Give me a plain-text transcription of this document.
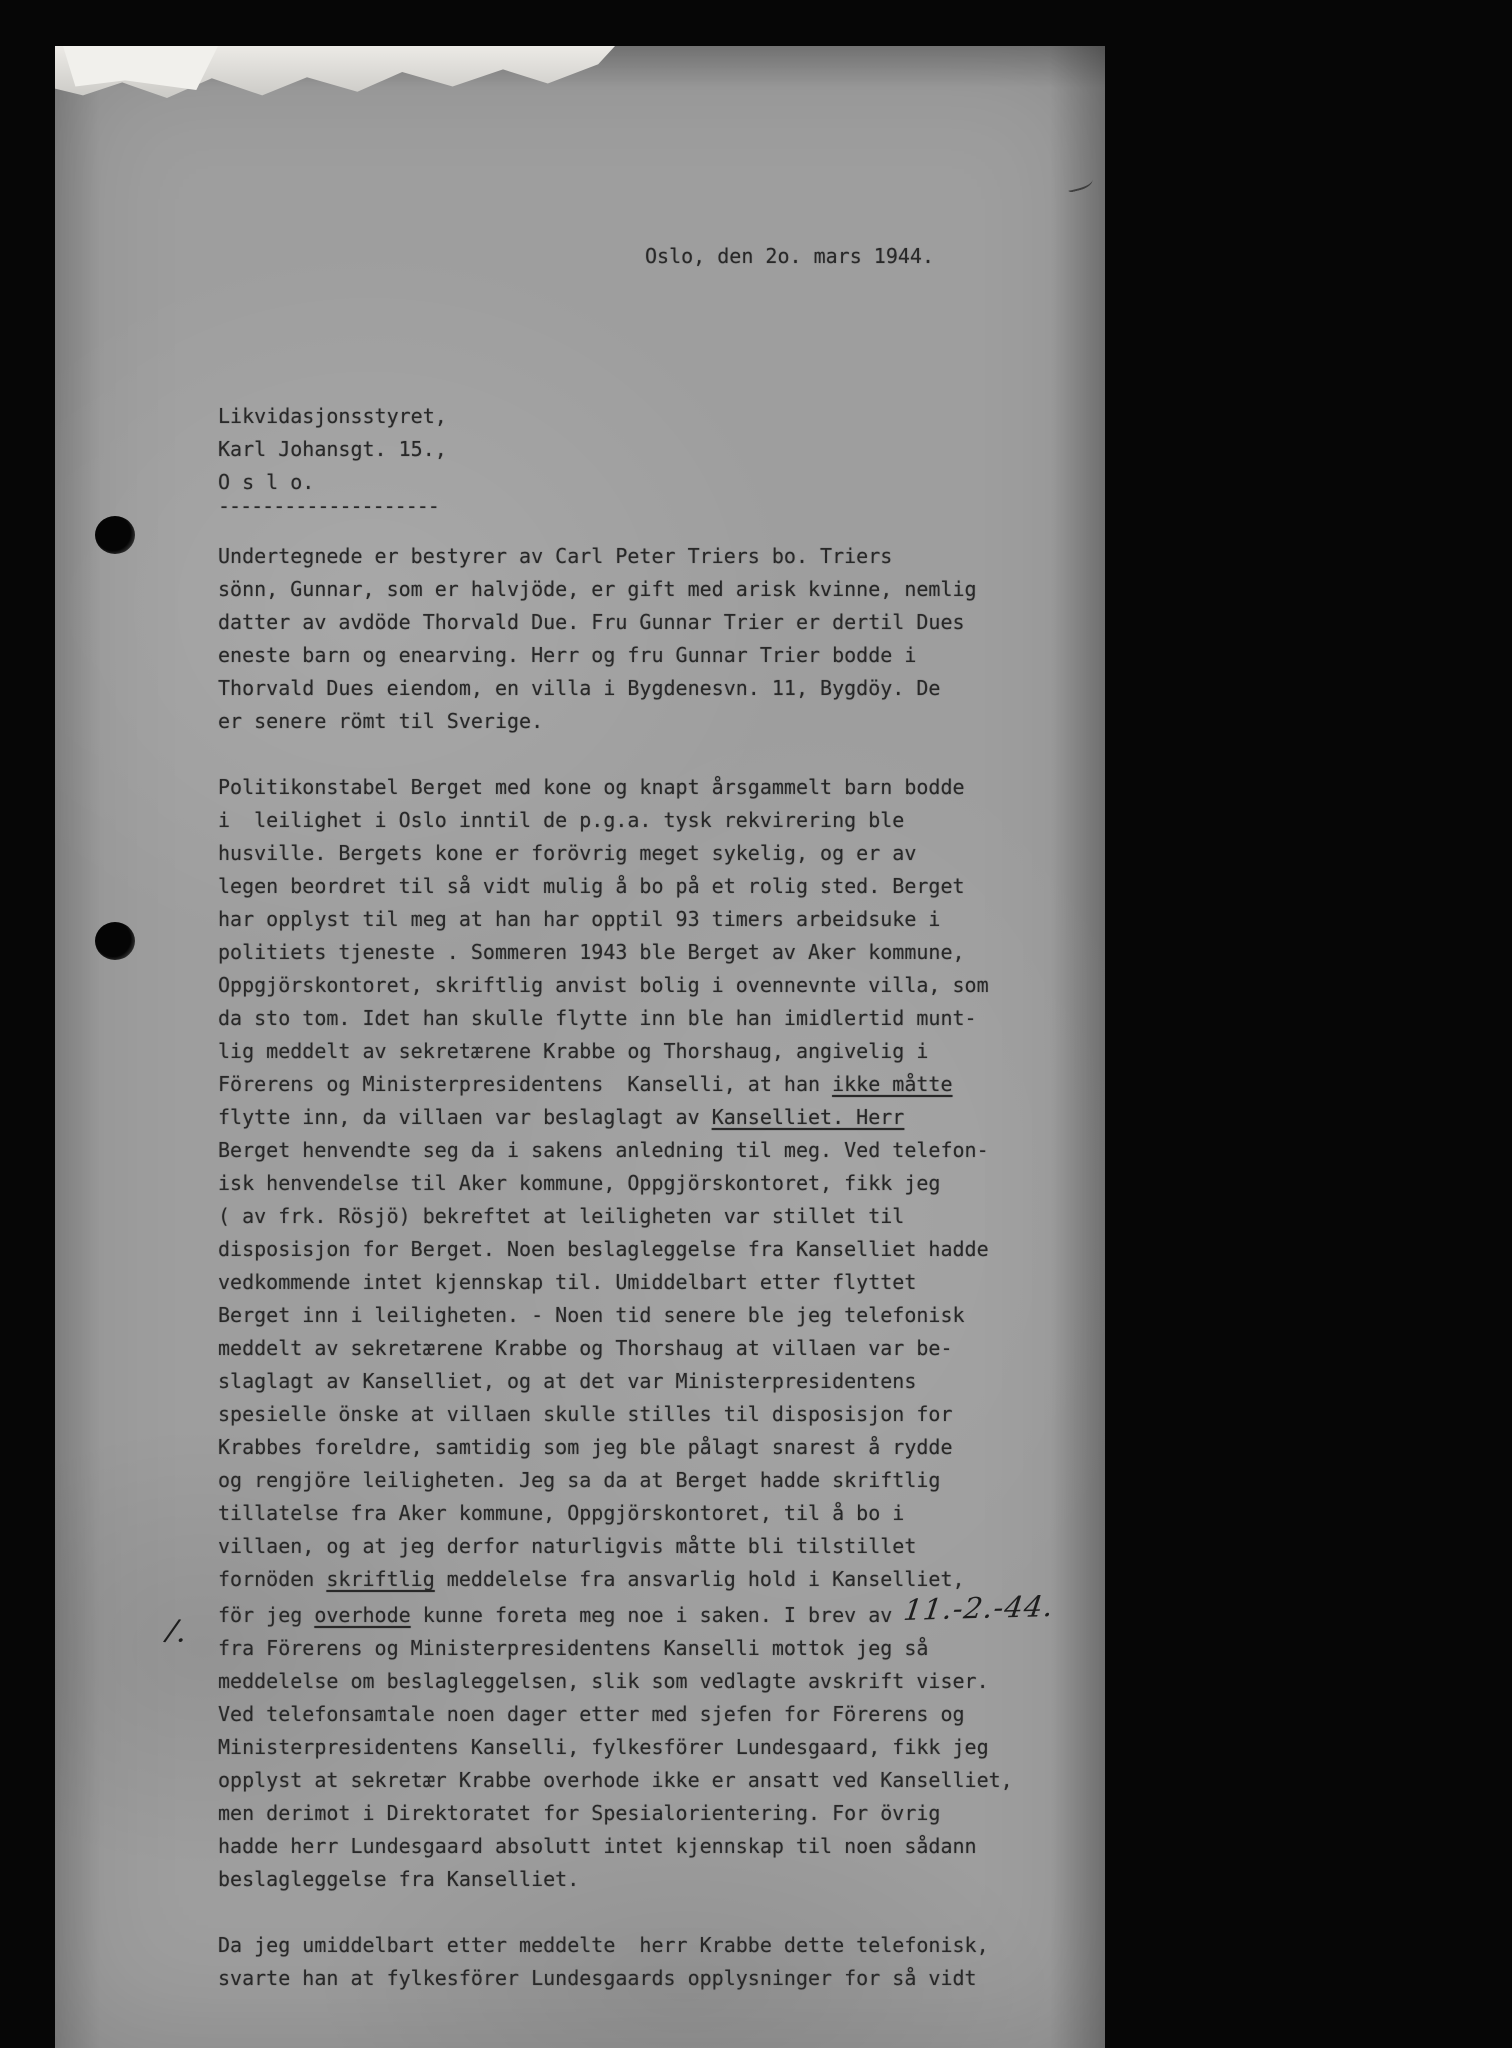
Oslo, den 2o. mars 1944.
Likvidasjonsstyret,
Karl Johansgt. 15.,
O s l o.
--------------------
Undertegnede er bestyrer av Carl Peter Triers bo. Triers
sönn, Gunnar, som er halvjöde, er gift med arisk kvinne, nemlig
datter av avdöde Thorvald Due. Fru Gunnar Trier er dertil Dues
eneste barn og enearving. Herr og fru Gunnar Trier bodde i
Thorvald Dues eiendom, en villa i Bygdenesvn. 11, Bygdöy. De
er senere römt til Sverige.
Politikonstabel Berget med kone og knapt årsgammelt barn bodde
i  leilighet i Oslo inntil de p.g.a. tysk rekvirering ble
husville. Bergets kone er forövrig meget sykelig, og er av
legen beordret til så vidt mulig å bo på et rolig sted. Berget
har opplyst til meg at han har opptil 93 timers arbeidsuke i
politiets tjeneste . Sommeren 1943 ble Berget av Aker kommune,
Oppgjörskontoret, skriftlig anvist bolig i ovennevnte villa, som
da sto tom. Idet han skulle flytte inn ble han imidlertid munt-
lig meddelt av sekretærene Krabbe og Thorshaug, angivelig i
Förerens og Ministerpresidentens  Kanselli, at han ikke måtte
flytte inn, da villaen var beslaglagt av Kanselliet. Herr
Berget henvendte seg da i sakens anledning til meg. Ved telefon-
isk henvendelse til Aker kommune, Oppgjörskontoret, fikk jeg
( av frk. Rösjö) bekreftet at leiligheten var stillet til
disposisjon for Berget. Noen beslagleggelse fra Kanselliet hadde
vedkommende intet kjennskap til. Umiddelbart etter flyttet
Berget inn i leiligheten. - Noen tid senere ble jeg telefonisk
meddelt av sekretærene Krabbe og Thorshaug at villaen var be-
slaglagt av Kanselliet, og at det var Ministerpresidentens
spesielle önske at villaen skulle stilles til disposisjon for
Krabbes foreldre, samtidig som jeg ble pålagt snarest å rydde
og rengjöre leiligheten. Jeg sa da at Berget hadde skriftlig
tillatelse fra Aker kommune, Oppgjörskontoret, til å bo i
villaen, og at jeg derfor naturligvis måtte bli tilstillet
fornöden skriftlig meddelelse fra ansvarlig hold i Kanselliet,
för jeg overhode kunne foreta meg noe i saken. I brev av 11.-2.-44.
fra Förerens og Ministerpresidentens Kanselli mottok jeg så
meddelelse om beslagleggelsen, slik som vedlagte avskrift viser.
Ved telefonsamtale noen dager etter med sjefen for Förerens og
Ministerpresidentens Kanselli, fylkesförer Lundesgaard, fikk jeg
opplyst at sekretær Krabbe overhode ikke er ansatt ved Kanselliet,
men derimot i Direktoratet for Spesialorientering. For övrig
hadde herr Lundesgaard absolutt intet kjennskap til noen sådann
beslagleggelse fra Kanselliet.
Da jeg umiddelbart etter meddelte  herr Krabbe dette telefonisk,
svarte han at fylkesförer Lundesgaards opplysninger for så vidt
/.
